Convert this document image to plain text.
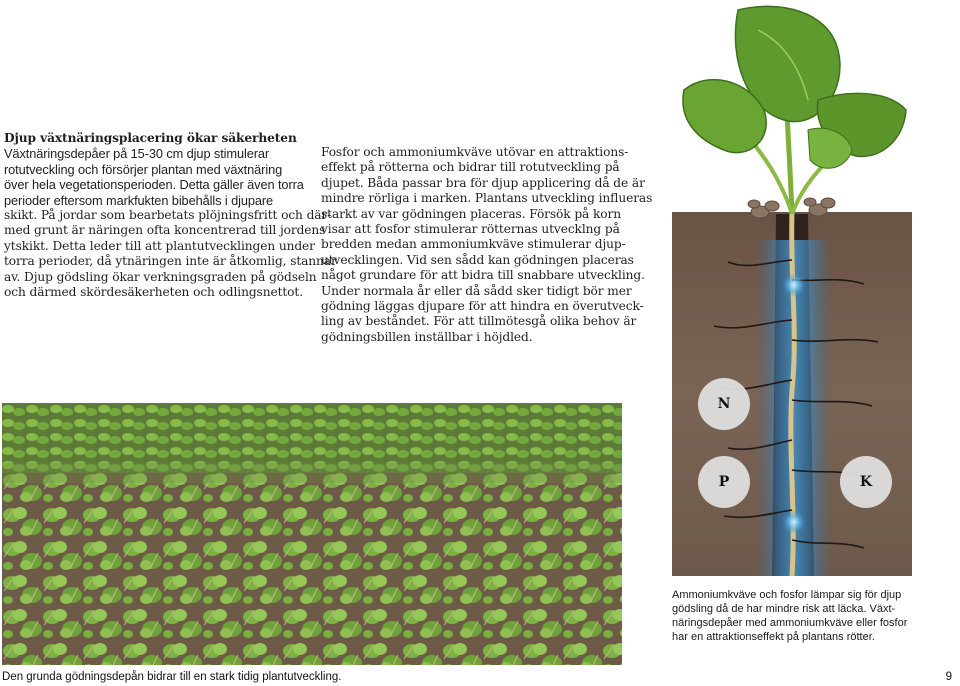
Djup växtnäringsplacering ökar säkerheten
Växtnäringsdepåer på 15-30 cm djup stimulerar
rotutveckling och försörjer plantan med växtnäring
över hela vegetationsperioden. Detta gäller även torra
perioder eftersom markfukten bibehålls i djupare
skikt. På jordar som bearbetats plöjningsfritt och där-
med grunt är näringen ofta koncentrerad till jordens
ytskikt. Detta leder till att plantutvecklingen under
torra perioder, då ytnäringen inte är åtkomlig, stannar
av. Djup gödsling ökar verkningsgraden på gödseln
och därmed skördesäkerheten och odlingsnettot.
Fosfor och ammoniumkväve utövar en attraktions-
effekt på rötterna och bidrar till rotutveckling på
djupet. Båda passar bra för djup applicering då de är
mindre rörliga i marken. Plantans utveckling influeras
starkt av var gödningen placeras. Försök på korn
visar att fosfor stimulerar rötternas utvecklng på
bredden medan ammoniumkväve stimulerar djup-
utvecklingen. Vid sen sådd kan gödningen placeras
något grundare för att bidra till snabbare utveckling.
Under normala år eller då sådd sker tidigt bör mer
gödning läggas djupare för att hindra en överutveck-
ling av beståndet. För att tillmötesgå olika behov är
gödningsbillen inställbar i höjdled.
N
P	K
Ammoniumkväve och fosfor lämpar sig för djup
gödsling då de har mindre risk att läcka. Växt-
näringsdepåer med ammoniumkväve eller fosfor
har en attraktionseffekt på plantans rötter.
Den grunda gödningsdepån bidrar till en stark tidig plantutveckling.	9
